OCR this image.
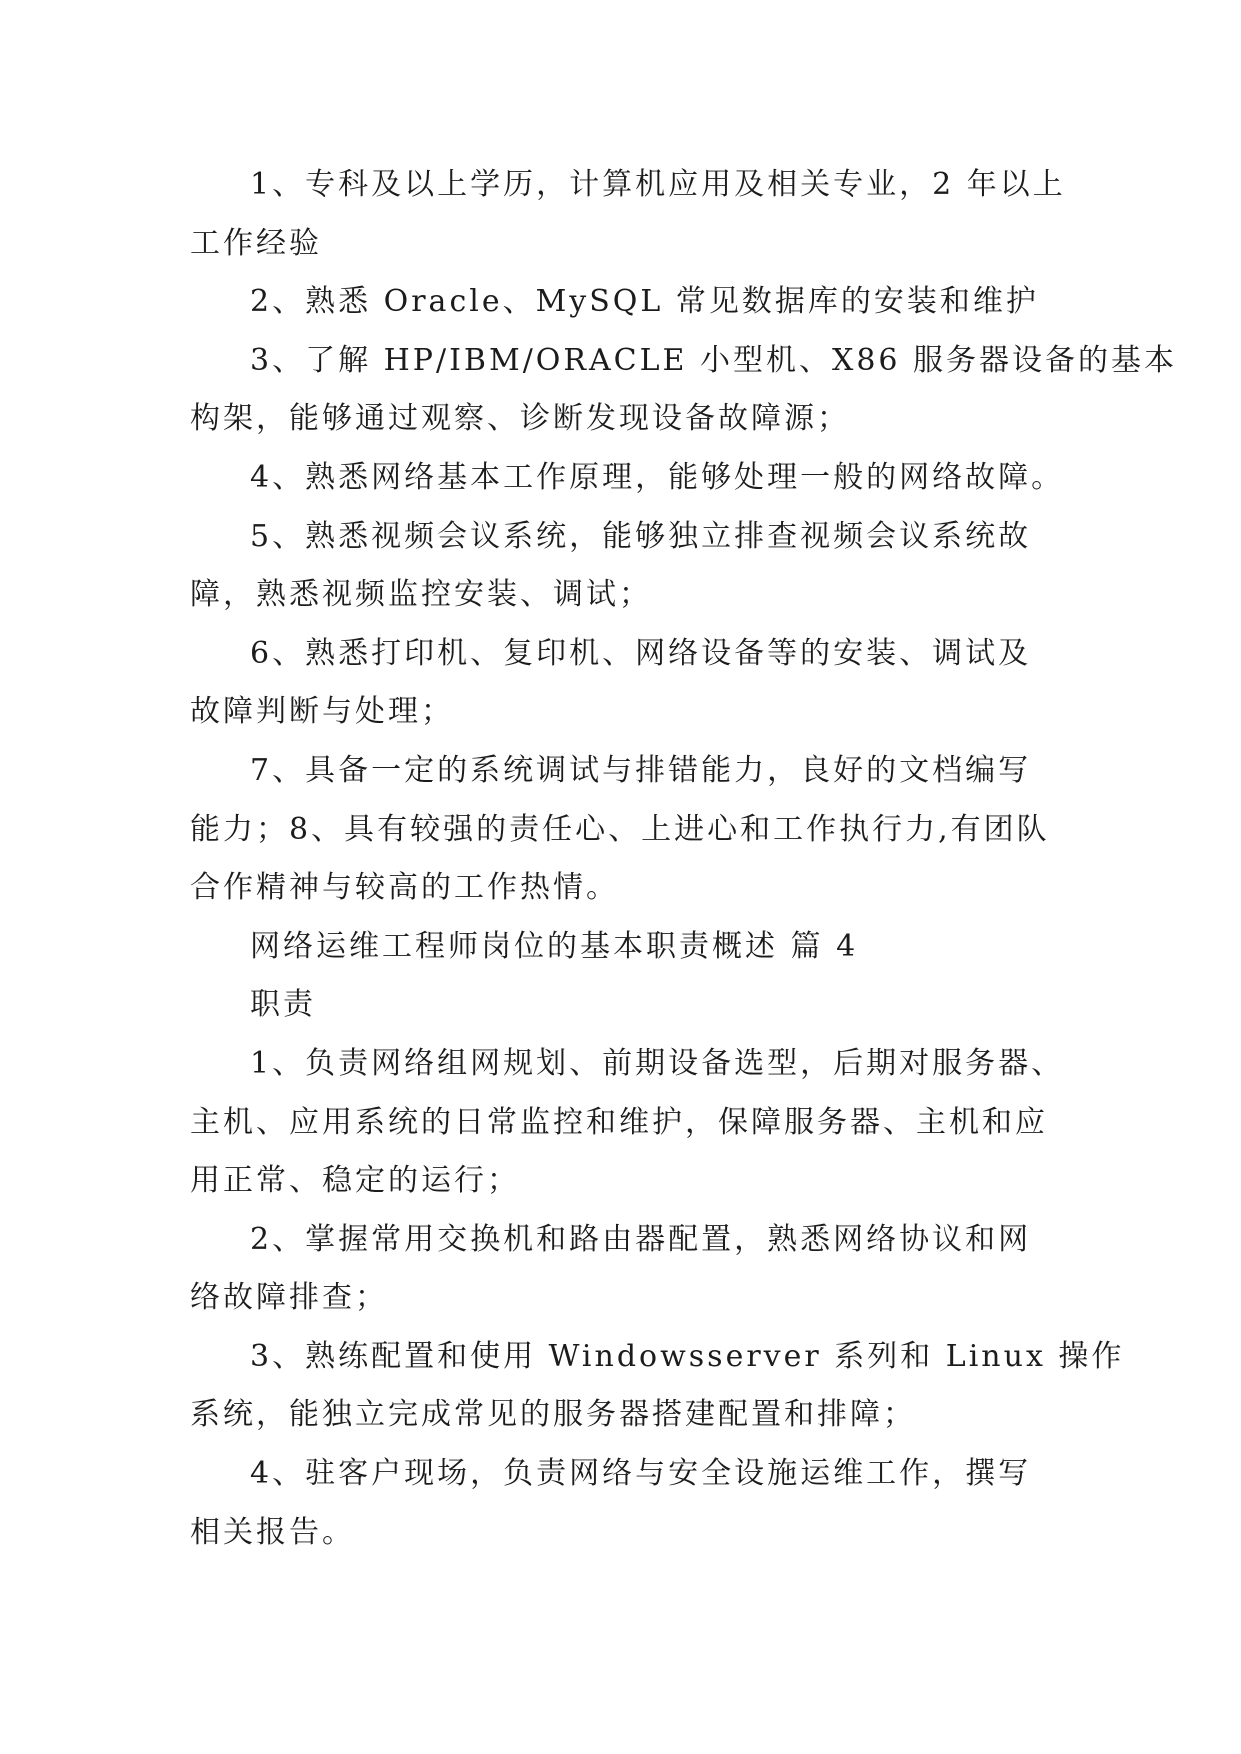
1、专科及以上学历，计算机应用及相关专业，2 年以上
工作经验
2、熟悉 Oracle、MySQL 常见数据库的安装和维护
3、了解 HP/IBM/ORACLE 小型机、X86 服务器设备的基本
构架，能够通过观察、诊断发现设备故障源；
4、熟悉网络基本工作原理，能够处理一般的网络故障。
5、熟悉视频会议系统，能够独立排查视频会议系统故
障，熟悉视频监控安装、调试；
6、熟悉打印机、复印机、网络设备等的安装、调试及
故障判断与处理；
7、具备一定的系统调试与排错能力，良好的文档编写
能力；8、具有较强的责任心、上进心和工作执行力,有团队
合作精神与较高的工作热情。
网络运维工程师岗位的基本职责概述 篇 4
职责
1、负责网络组网规划、前期设备选型，后期对服务器、
主机、应用系统的日常监控和维护，保障服务器、主机和应
用正常、稳定的运行；
2、掌握常用交换机和路由器配置，熟悉网络协议和网
络故障排查；
3、熟练配置和使用 Windowsserver 系列和 Linux 操作
系统，能独立完成常见的服务器搭建配置和排障；
4、驻客户现场，负责网络与安全设施运维工作，撰写
相关报告。
